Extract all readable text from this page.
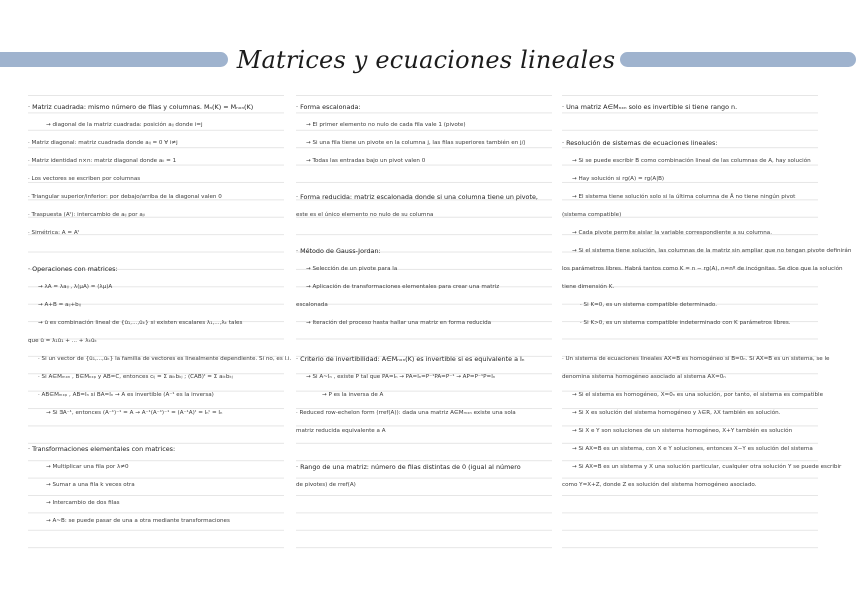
Matrices y ecuaciones lineales
· Matriz cuadrada: mismo número de filas y columnas. Mₙ(K) = Mₙₓₙ(K)
→ diagonal de la matriz cuadrada: posición aᵢⱼ donde i=j
· Matriz diagonal: matriz cuadrada donde aᵢⱼ = 0 ∀ i≠j
· Matriz identidad n×n: matriz diagonal donde aᵢᵢ = 1
· Los vectores se escriben por columnas
· Triangular superior/inferior: por debajo/arriba de la diagonal valen 0
· Traspuesta (Aᵗ): intercambio de aᵢⱼ por aⱼᵢ
· Simétrica: A = Aᵗ
· Operaciones con matrices:
→ λA = λaᵢⱼ , λ(μA) = (λμ)A
→ A+B = aᵢⱼ+bᵢⱼ
→ ū es combinación lineal de {ū₁,...,ūₖ} si existen escalares λ₁,...,λₖ tales
que ū = λ₁ū₁ + ... + λₖūₖ
· Si un vector de {ū₁,...,ūₖ} la familia de vectores es linealmente dependiente. Si no, es l.i.
· Si A∈Mₘₓₙ , B∈Mₙₓₚ y AB=C, entonces cᵢⱼ = Σ aᵢₖbₖⱼ ; (CAB)ᵗ = Σ aᵢₖbₖⱼ
· AB∈Mₘₓₚ , AB=Iₙ si BA=Iₙ → A es invertible (A⁻¹ es la inversa)
→ Si ∃A⁻¹, entonces (A⁻¹)⁻¹ = A → A⁻¹(A⁻¹)⁻¹ = (A⁻¹A)ᵗ = Iₙᵗ = Iₙ
· Transformaciones elementales con matrices:
→ Multiplicar una fila por λ≠0
→ Sumar a una fila k veces otra
→ Intercambio de dos filas
→ A~B: se puede pasar de una a otra mediante transformaciones
· Forma escalonada:
→ El primer elemento no nulo de cada fila vale 1 (pivote)
→ Si una fila tiene un pivote en la columna j, las filas superiores también en j/j
→ Todas las entradas bajo un pivot valen 0
· Forma reducida: matriz escalonada donde si una columna tiene un pivote,
este es el único elemento no nulo de su columna
· Método de Gauss-Jordan:
→ Selección de un pivote para la
→ Aplicación de transformaciones elementales para crear una matriz
escalonada
→ Iteración del proceso hasta hallar una matriz en forma reducida
· Criterio de invertibilidad: A∈Mₙₓₙ(K) es invertible si es equivalente a Iₙ
→ Si A~Iₙ , existe P tal que PA=Iₙ → PA=Iₙ=P⁻¹PA=P⁻¹ → AP=P⁻¹P=Iₙ
→ P es la inversa de A
· Reduced row-echelon form (rref(A)): dada una matriz A∈Mₘₓₙ existe una sola
matriz reducida equivalente a A
· Rango de una matriz: número de filas distintas de 0 (igual al número
de pivotes) de rref(A)
· Una matriz A∈Mₙₓₙ solo es invertible si tiene rango n.
· Resolución de sistemas de ecuaciones lineales:
→ Si se puede escribir B como combinación lineal de las columnas de A, hay solución
→ Hay solución si rg(A) = rg(A|B)
→ El sistema tiene solución solo si la última columna de Ā no tiene ningún pivot
(sistema compatible)
→ Cada pivote permite aislar la variable correspondiente a su columna.
→ Si el sistema tiene solución, las columnas de la matriz sin ampliar que no tengan pivote definirán
los parámetros libres. Habrá tantos como K = n − rg(A), n=nº de incógnitas. Se dice que la solución
tiene dimensión K.
· Si K=0, es un sistema compatible determinado.
· Si K>0, es un sistema compatible indeterminado con K parámetros libres.
· Un sistema de ecuaciones lineales AX=B es homogéneo si B=0ₙ. Si AX=B es un sistema, se le
denomina sistema homogéneo asociado al sistema AX=0ₙ
→ Si el sistema es homogéneo, X=0ₙ es una solución, por tanto, el sistema es compatible
→ Si X es solución del sistema homogéneo y λ∈R, λX también es solución.
→ Si X e Y son soluciones de un sistema homogéneo, X+Y también es solución
→ Si AX=B es un sistema, con X e Y soluciones, entonces X−Y es solución del sistema
→ Si AX=B es un sistema y X una solución particular, cualquier otra solución Y se puede escribir
como Y=X+Z, donde Z es solución del sistema homogéneo asociado.
